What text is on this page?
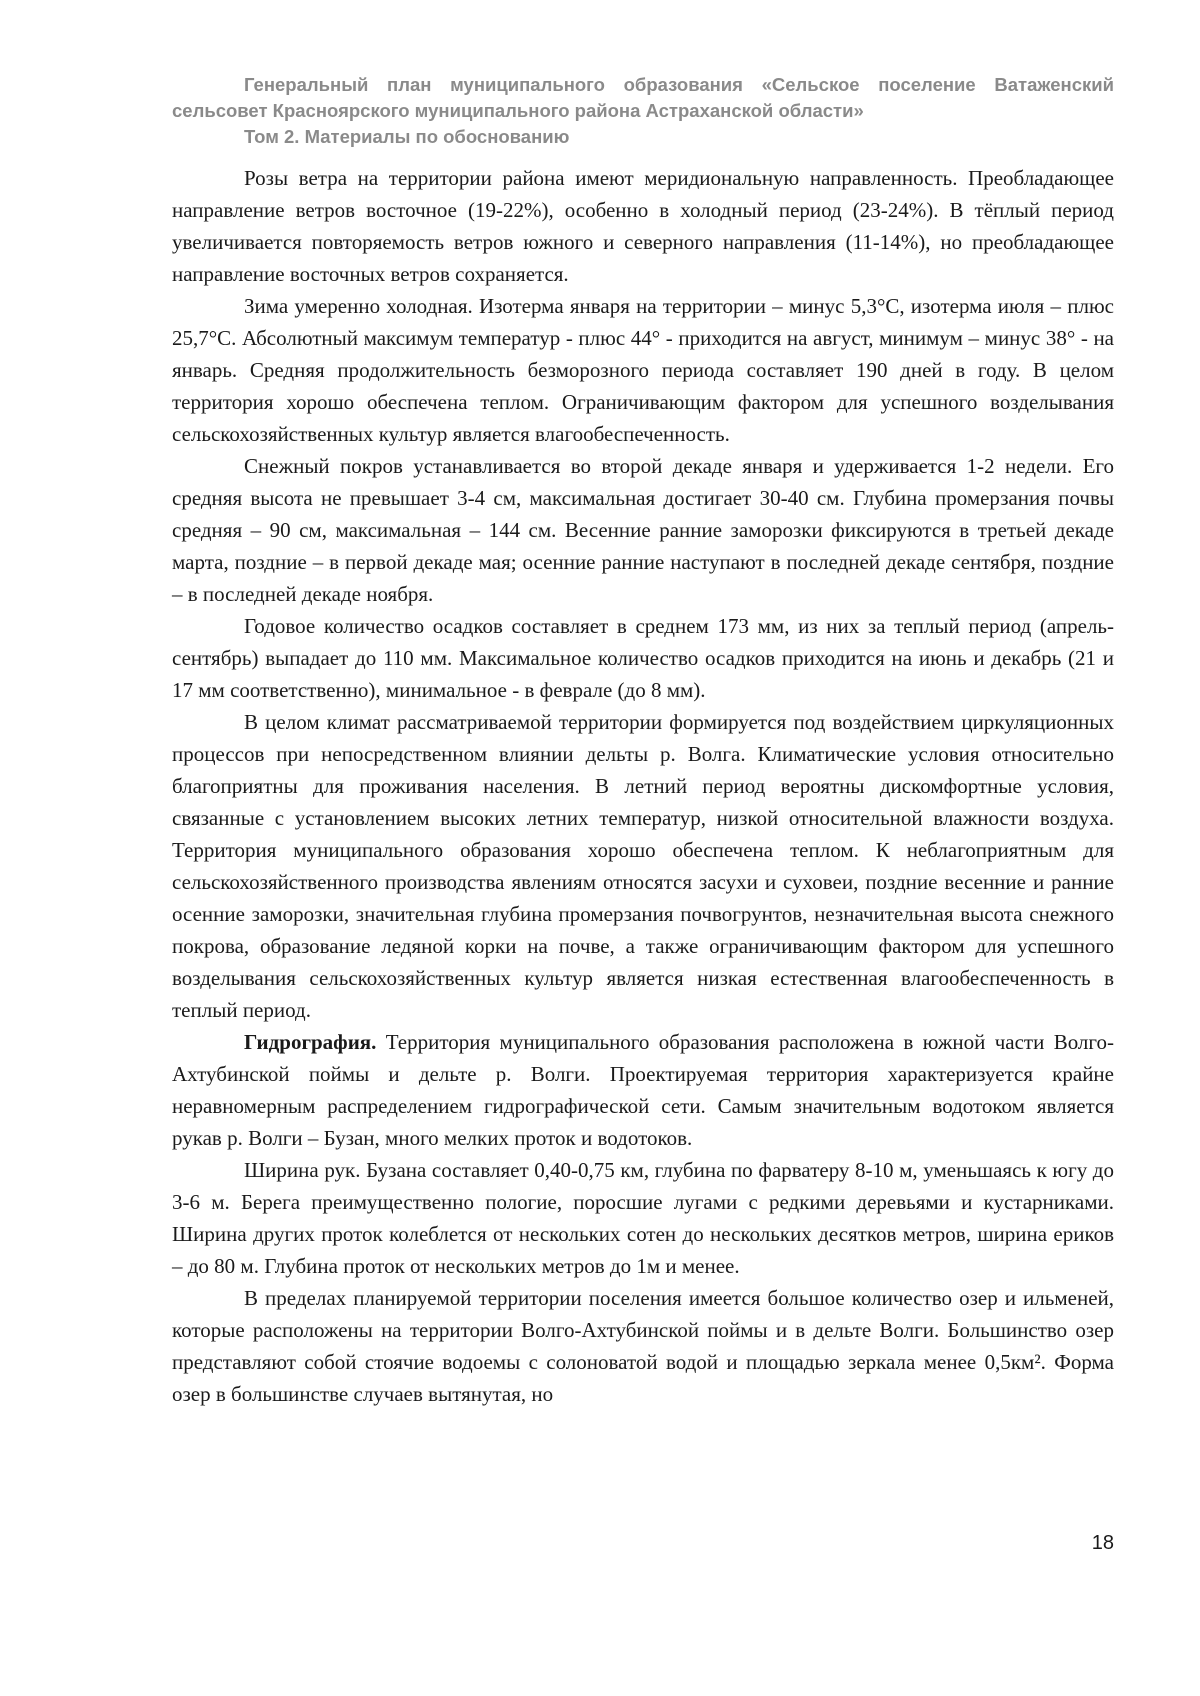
Генеральный план муниципального образования «Сельское поселение Ватаженский
сельсовет Красноярского муниципального района Астраханской области»
Том 2. Материалы по обоснованию

Розы ветра на территории района имеют меридиональную направленность. Преобладающее направление ветров восточное (19-22%), особенно в холодный период (23-24%). В тёплый период увеличивается повторяемость ветров южного и северного направления (11-14%), но преобладающее направление восточных ветров сохраняется.

Зима умеренно холодная. Изотерма января на территории – минус 5,3°С, изотерма июля – плюс 25,7°С. Абсолютный максимум температур - плюс 44° - приходится на август, минимум – минус 38° - на январь. Средняя продолжительность безморозного периода составляет 190 дней в году. В целом территория хорошо обеспечена теплом. Ограничивающим фактором для успешного возделывания сельскохозяйственных культур является влагообеспеченность.

Снежный покров устанавливается во второй декаде января и удерживается 1-2 недели. Его средняя высота не превышает 3-4 см, максимальная достигает 30-40 см. Глубина промерзания почвы средняя – 90 см, максимальная – 144 см. Весенние ранние заморозки фиксируются в третьей декаде марта, поздние – в первой декаде мая; осенние ранние наступают в последней декаде сентября, поздние – в последней декаде ноября.

Годовое количество осадков составляет в среднем 173 мм, из них за теплый период (апрель-сентябрь) выпадает до 110 мм. Максимальное количество осадков приходится на июнь и декабрь (21 и 17 мм соответственно), минимальное - в феврале (до 8 мм).

В целом климат рассматриваемой территории формируется под воздействием циркуляционных процессов при непосредственном влиянии дельты р. Волга. Климатические условия относительно благоприятны для проживания населения. В летний период вероятны дискомфортные условия, связанные с установлением высоких летних температур, низкой относительной влажности воздуха. Территория муниципального образования хорошо обеспечена теплом. К неблагоприятным для сельскохозяйственного производства явлениям относятся засухи и суховеи, поздние весенние и ранние осенние заморозки, значительная глубина промерзания почвогрунтов, незначительная высота снежного покрова, образование ледяной корки на почве, а также ограничивающим фактором для успешного возделывания сельскохозяйственных культур является низкая естественная влагообеспеченность в теплый период.

Гидрография. Территория муниципального образования расположена в южной части Волго-Ахтубинской поймы и дельте р. Волги. Проектируемая территория характеризуется крайне неравномерным распределением гидрографической сети. Самым значительным водотоком является рукав р. Волги – Бузан, много мелких проток и водотоков.

Ширина рук. Бузана составляет 0,40-0,75 км, глубина по фарватеру 8-10 м, уменьшаясь к югу до 3-6 м. Берега преимущественно пологие, поросшие лугами с редкими деревьями и кустарниками. Ширина других проток колеблется от нескольких сотен до нескольких десятков метров, ширина ериков – до 80 м. Глубина проток от нескольких метров до 1м и менее.

В пределах планируемой территории поселения имеется большое количество озер и ильменей, которые расположены на территории Волго-Ахтубинской поймы и в дельте Волги. Большинство озер представляют собой стоячие водоемы с солоноватой водой и площадью зеркала менее 0,5км². Форма озер в большинстве случаев вытянутая, но

18
